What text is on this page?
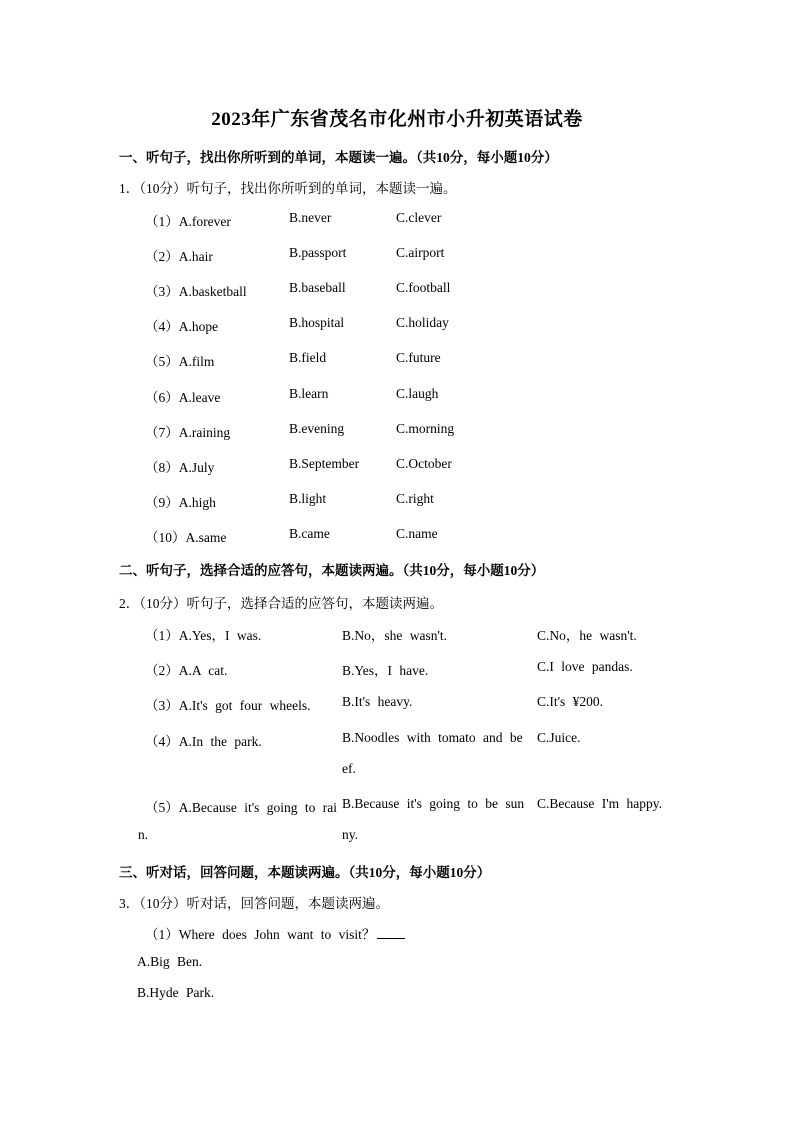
2023年广东省茂名市化州市小升初英语试卷
一、听句子，找出你所听到的单词，本题读一遍。（共10分，每小题10分）
1．（10分）听句子，找出你所听到的单词，本题读一遍。
（1）A.forever	B.never	C.clever
（2）A.hair	B.passport	C.airport
（3）A.basketball	B.baseball	C.football
（4）A.hope	B.hospital	C.holiday
（5）A.film	B.field	C.future
（6）A.leave	B.learn	C.laugh
（7）A.raining	B.evening	C.morning
（8）A.July	B.September	C.October
（9）A.high	B.light	C.right
（10）A.same	B.came	C.name
二、听句子，选择合适的应答句，本题读两遍。（共10分，每小题10分）
2．（10分）听句子，选择合适的应答句，本题读两遍。
（1）A.Yes，I was.	B.No，she wasn't.	C.No，he wasn't.
（2）A.A cat.	B.Yes，I have.	C.I love pandas.
（3）A.It's got four wheels. B.It's heavy.	C.It's ¥200.
（4）A.In the park.	B.Noodles with tomato and be C.Juice.
ef.
（5）A.Because it's going to rai B.Because it's going to be sun C.Because I'm happy.
n.	ny.
三、听对话，回答问题，本题读两遍。（共10分，每小题10分）
3．（10分）听对话，回答问题，本题读两遍。
（1）Where does John want to visit？
A.Big Ben.
B.Hyde Park.
